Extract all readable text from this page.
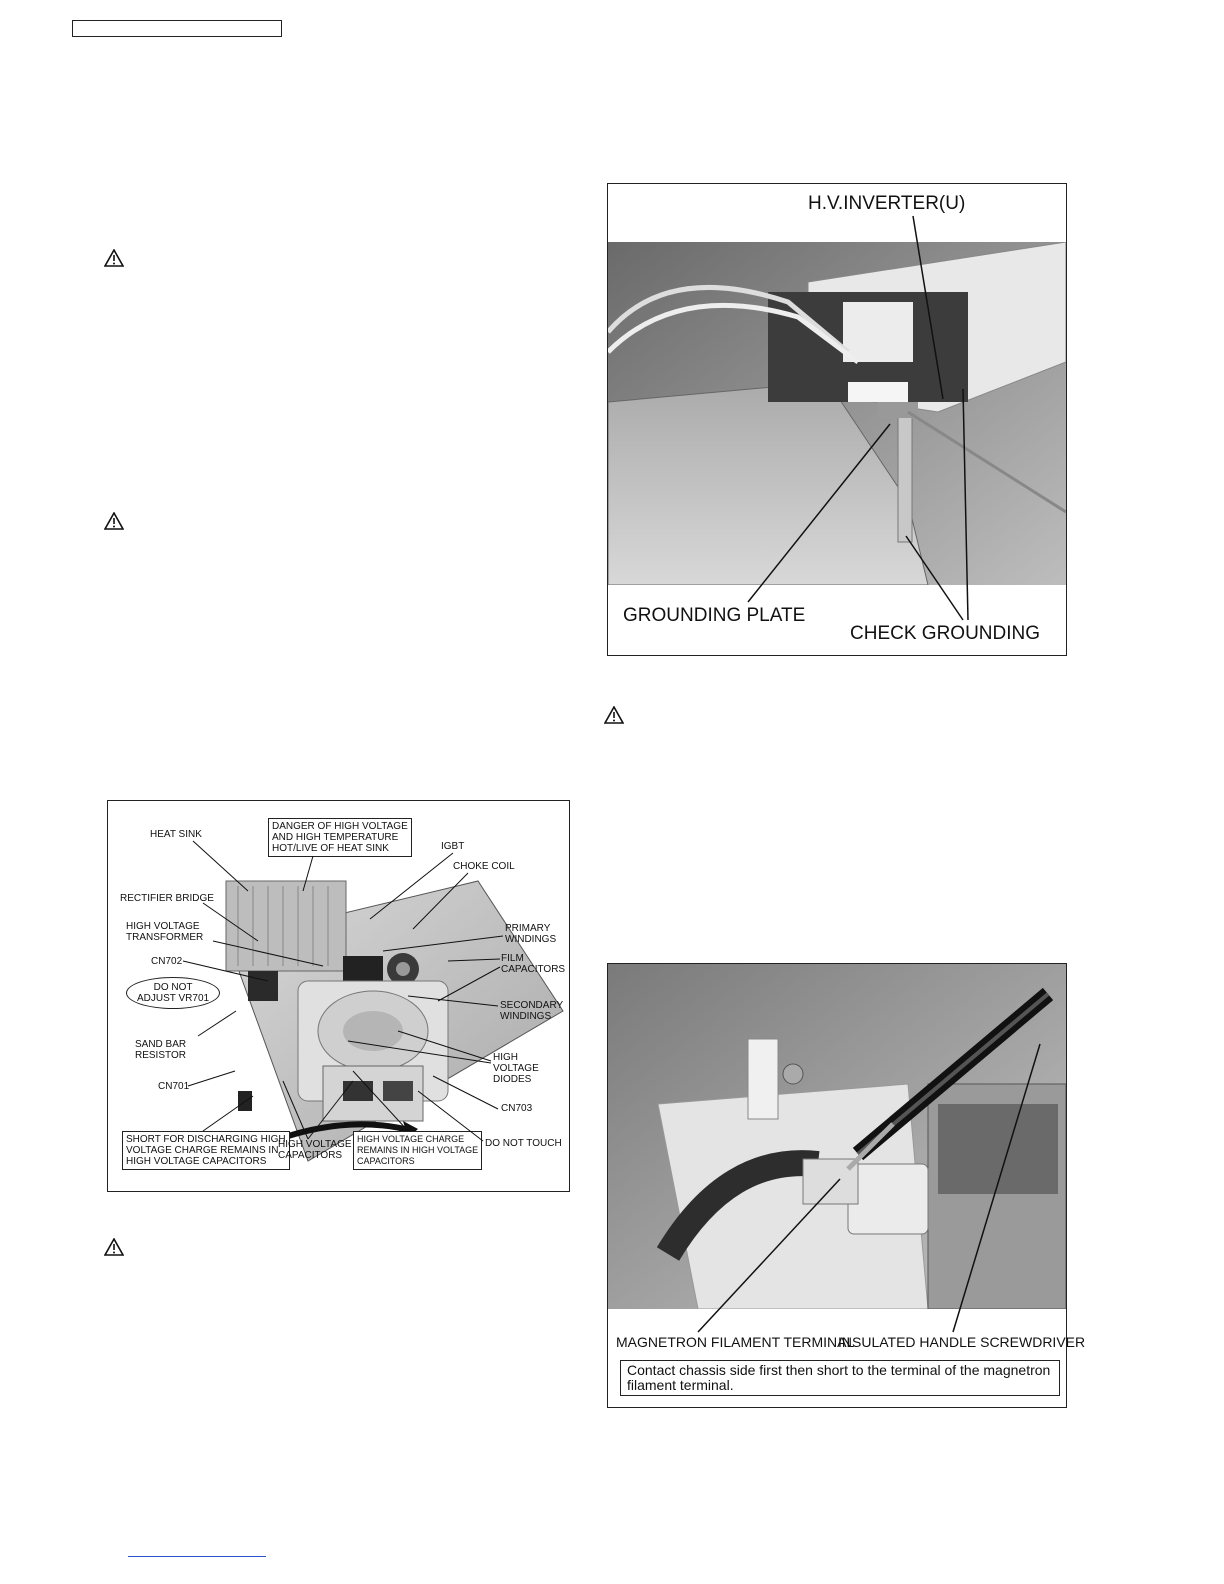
HEAT SINK
DANGER OF HIGH VOLTAGE
AND HIGH TEMPERATURE
HOT/LIVE OF HEAT SINK	IGBT
CHOKE COIL
RECTIFIER BRIDGE
HIGH VOLTAGE
TRANSFORMER
PRIMARY
WINDINGS
FILM
CAPACITORS
CN702
DO NOT
ADJUST VR701
SECONDARY
WINDINGS
SAND BAR
RESISTOR	HIGH
VOLTAGE
DIODES
CN701
CN703
SHORT FOR DISCHARGING HIGH
VOLTAGE CHARGE REMAINS IN
HIGH VOLTAGE CAPACITORS
HIGH VOLTAGE
CAPACITORS
HIGH VOLTAGE CHARGE
REMAINS IN HIGH VOLTAGE
CAPACITORS
DO NOT TOUCH
H.V.INVERTER(U)
GROUNDING PLATE
CHECK GROUNDING
MAGNETRON FILAMENT TERMINAL
INSULATED HANDLE SCREWDRIVER
Contact chassis side first then short to the terminal of the magnetron
filament terminal.
